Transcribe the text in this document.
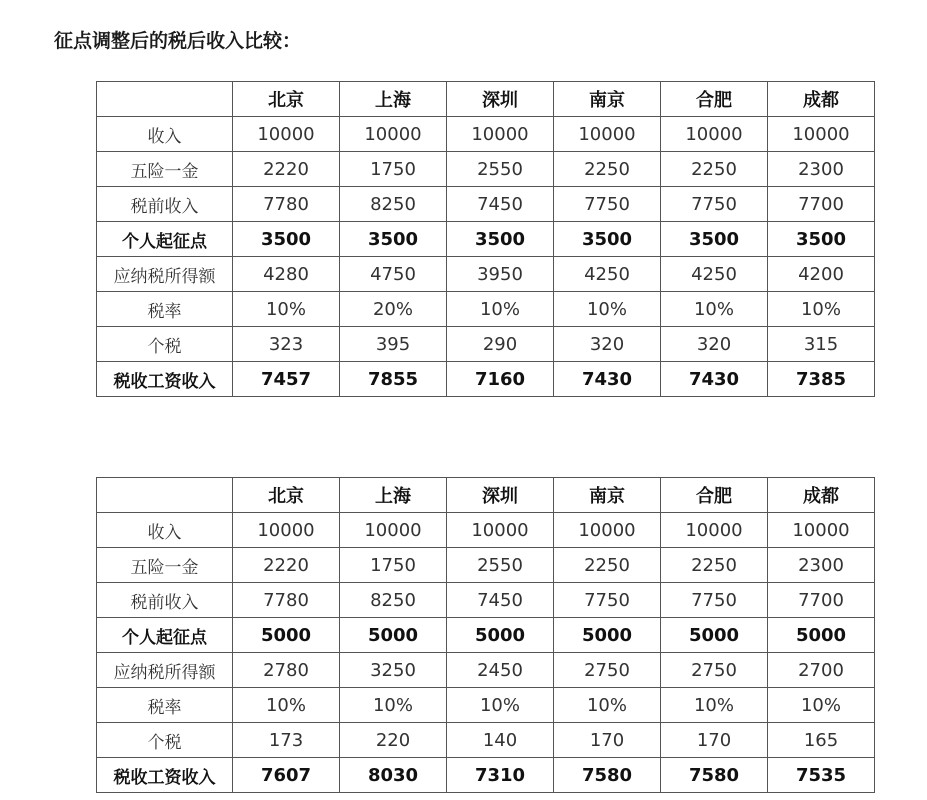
征点调整后的税后收入比较：
	北京	上海	深圳	南京	合肥	成都
收入	10000	10000	10000	10000	10000	10000
五险一金	2220	1750	2550	2250	2250	2300
税前收入	7780	8250	7450	7750	7750	7700
个人起征点	3500	3500	3500	3500	3500	3500
应纳税所得额	4280	4750	3950	4250	4250	4200
税率	10%	20%	10%	10%	10%	10%
个税	323	395	290	320	320	315
税收工资收入	7457	7855	7160	7430	7430	7385
	北京	上海	深圳	南京	合肥	成都
收入	10000	10000	10000	10000	10000	10000
五险一金	2220	1750	2550	2250	2250	2300
税前收入	7780	8250	7450	7750	7750	7700
个人起征点	5000	5000	5000	5000	5000	5000
应纳税所得额	2780	3250	2450	2750	2750	2700
税率	10%	10%	10%	10%	10%	10%
个税	173	220	140	170	170	165
税收工资收入	7607	8030	7310	7580	7580	7535
